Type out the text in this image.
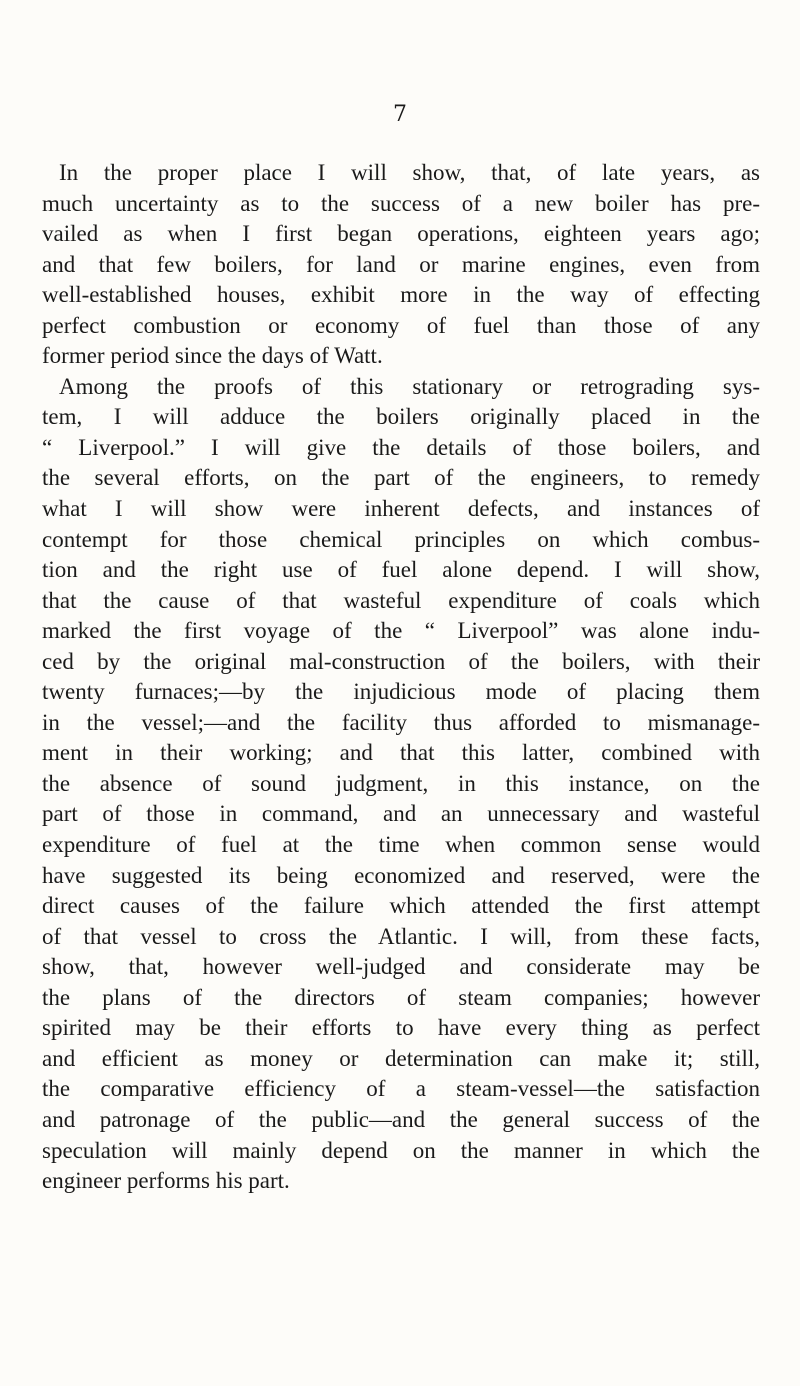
7
In the proper place I will show, that, of late years, as
much uncertainty as to the success of a new boiler has pre-
vailed as when I first began operations, eighteen years ago;
and that few boilers, for land or marine engines, even from
well-established houses, exhibit more in the way of effecting
perfect combustion or economy of fuel than those of any
former period since the days of Watt.
Among the proofs of this stationary or retrograding sys-
tem, I will adduce the boilers originally placed in the
“ Liverpool.” I will give the details of those boilers, and
the several efforts, on the part of the engineers, to remedy
what I will show were inherent defects, and instances of
contempt for those chemical principles on which combus-
tion and the right use of fuel alone depend. I will show,
that the cause of that wasteful expenditure of coals which
marked the first voyage of the “ Liverpool” was alone indu-
ced by the original mal-construction of the boilers, with their
twenty furnaces;—by the injudicious mode of placing them
in the vessel;—and the facility thus afforded to mismanage-
ment in their working; and that this latter, combined with
the absence of sound judgment, in this instance, on the
part of those in command, and an unnecessary and wasteful
expenditure of fuel at the time when common sense would
have suggested its being economized and reserved, were the
direct causes of the failure which attended the first attempt
of that vessel to cross the Atlantic. I will, from these facts,
show, that, however well-judged and considerate may be
the plans of the directors of steam companies; however
spirited may be their efforts to have every thing as perfect
and efficient as money or determination can make it; still,
the comparative efficiency of a steam-vessel—the satisfaction
and patronage of the public—and the general success of the
speculation will mainly depend on the manner in which the
engineer performs his part.
